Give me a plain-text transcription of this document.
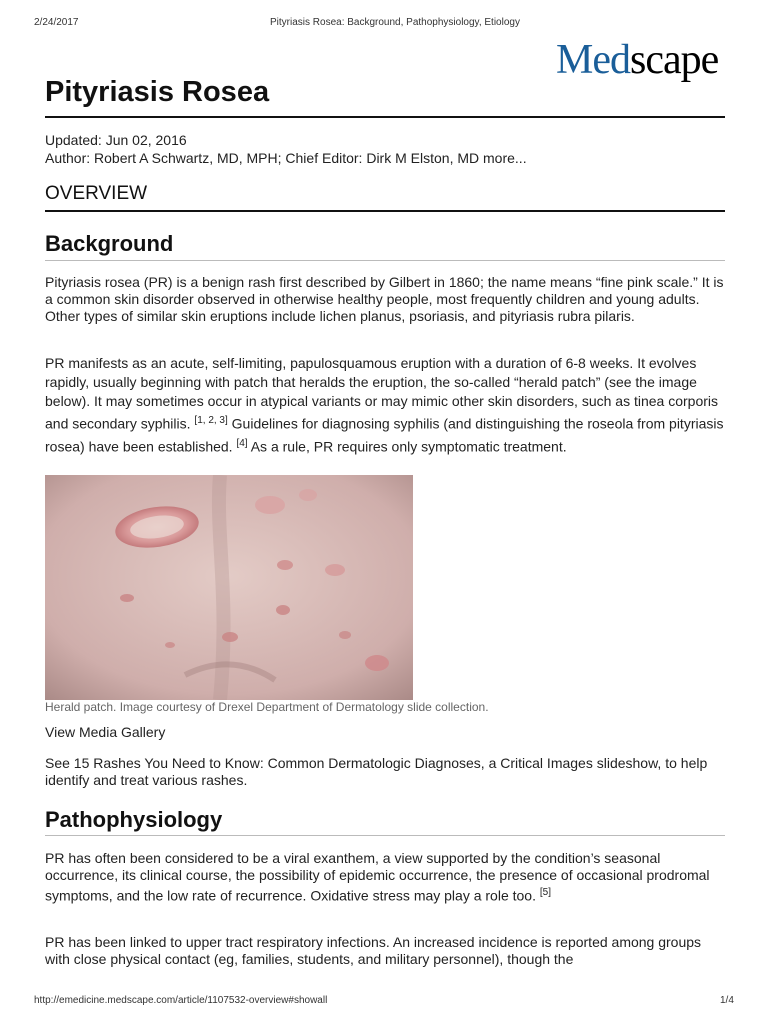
2/24/2017	Pityriasis Rosea: Background, Pathophysiology, Etiology
Medscape
Pityriasis Rosea
Updated: Jun 02, 2016
Author: Robert A Schwartz, MD, MPH; Chief Editor: Dirk M Elston, MD more...
OVERVIEW
Background
Pityriasis rosea (PR) is a benign rash first described by Gilbert in 1860; the name means “fine pink scale.” It is a common skin disorder observed in otherwise healthy people, most frequently children and young adults. Other types of similar skin eruptions include lichen planus, psoriasis, and pityriasis rubra pilaris.
PR manifests as an acute, self-limiting, papulosquamous eruption with a duration of 6-8 weeks. It evolves rapidly, usually beginning with patch that heralds the eruption, the so-called “herald patch” (see the image below). It may sometimes occur in atypical variants or may mimic other skin disorders, such as tinea corporis and secondary syphilis. [1, 2, 3] Guidelines for diagnosing syphilis (and distinguishing the roseola from pityriasis rosea) have been established. [4] As a rule, PR requires only symptomatic treatment.
Herald patch. Image courtesy of Drexel Department of Dermatology slide collection.
View Media Gallery
See 15 Rashes You Need to Know: Common Dermatologic Diagnoses, a Critical Images slideshow, to help identify and treat various rashes.
Pathophysiology
PR has often been considered to be a viral exanthem, a view supported by the condition’s seasonal occurrence, its clinical course, the possibility of epidemic occurrence, the presence of occasional prodromal symptoms, and the low rate of recurrence. Oxidative stress may play a role too. [5]
PR has been linked to upper tract respiratory infections. An increased incidence is reported among groups with close physical contact (eg, families, students, and military personnel), though the
http://emedicine.medscape.com/article/1107532-overview#showall	1/4
